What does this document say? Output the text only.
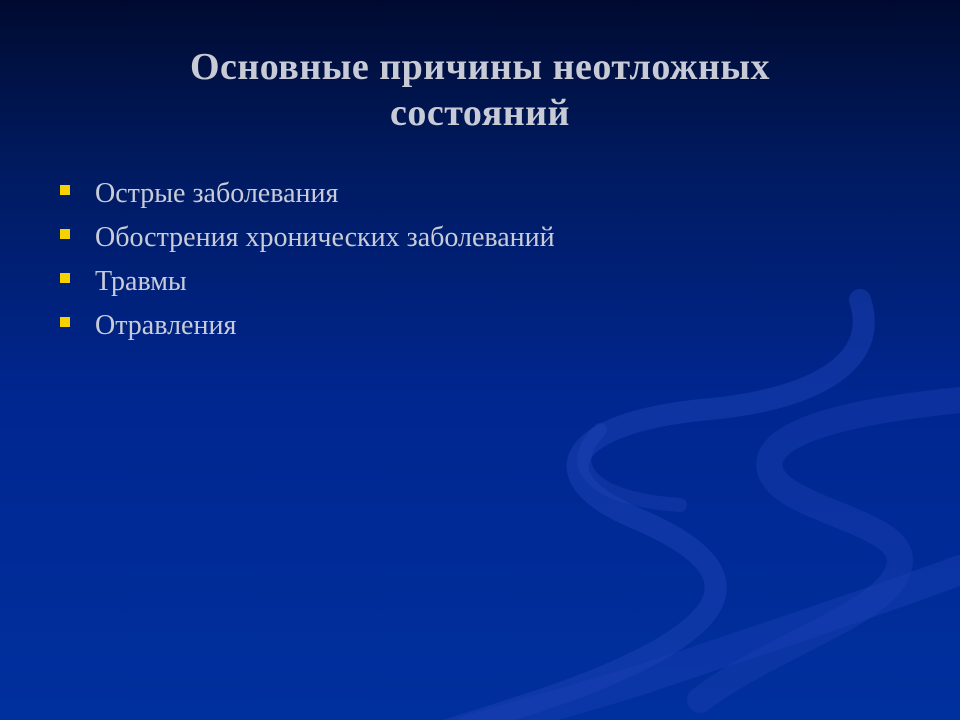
Основные причины неотложных
состояний
Острые заболевания
Обострения хронических заболеваний
Травмы
Отравления
